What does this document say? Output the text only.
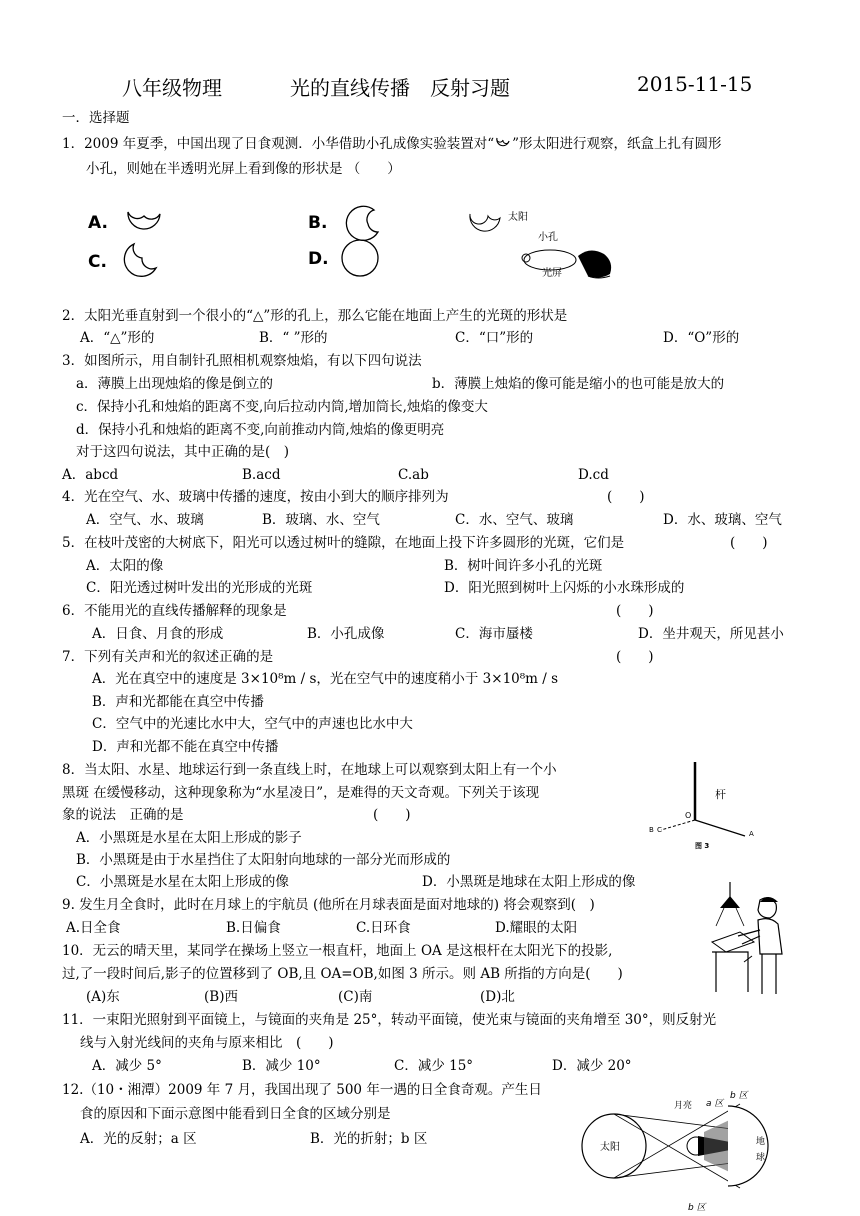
八年级物理	光的直线传播　反射习题	2015-11-15
一．选择题
1．2009 年夏季，中国出现了日食观测．小华借助小孔成像实验装置对“ ”形太阳进行观察，纸盒上扎有圆形
小孔，则她在半透明光屏上看到像的形状是 （　　）
A.	B.
C.	D.
太阳
小孔
光屏
2．太阳光垂直射到一个很小的“△”形的孔上，那么它能在地面上产生的光斑的形状是
A．“△”形的	B．“ ”形的	C．“口”形的	D．“O”形的
3．如图所示，用自制针孔照相机观察烛焰，有以下四句说法
a．薄膜上出现烛焰的像是倒立的	b．薄膜上烛焰的像可能是缩小的也可能是放大的
c．保持小孔和烛焰的距离不变,向后拉动内筒,增加筒长,烛焰的像变大
d．保持小孔和烛焰的距离不变,向前推动内筒,烛焰的像更明亮
对于这四句说法，其中正确的是(　)
A．abcd	B.acd	C.ab	D.cd
4．光在空气、水、玻璃中传播的速度，按由小到大的顺序排列为	(　　)
A．空气、水、玻璃	B．玻璃、水、空气	C．水、空气、玻璃	D．水、玻璃、空气
5．在枝叶茂密的大树底下，阳光可以透过树叶的缝隙，在地面上投下许多圆形的光斑，它们是	(　　)
A．太阳的像	B．树叶间许多小孔的光斑
C．阳光透过树叶发出的光形成的光斑	D．阳光照到树叶上闪烁的小水珠形成的
6．不能用光的直线传播解释的现象是	(　　)
A．日食、月食的形成	B．小孔成像	C．海市蜃楼	D．坐井观天，所见甚小
7．下列有关声和光的叙述正确的是	(　　)
A．光在真空中的速度是 3×10⁸m / s，光在空气中的速度稍小于 3×10⁸m / s
B．声和光都能在真空中传播
C．空气中的光速比水中大，空气中的声速也比水中大
D．声和光都不能在真空中传播
8．当太阳、水星、地球运行到一条直线上时，在地球上可以观察到太阳上有一个小
黑斑 在缓慢移动，这种现象称为“水星凌日”，是难得的天文奇观。下列关于该现
象的说法　正确的是	(　　)
A．小黑斑是水星在太阳上形成的影子
B．小黑斑是由于水星挡住了太阳射向地球的一部分光而形成的
C．小黑斑是水星在太阳上形成的像	D．小黑斑是地球在太阳上形成的像
杆
O
A
B C
图 3
9. 发生月全食时，此时在月球上的宇航员 (他所在月球表面是面对地球的) 将会观察到(　)
A.日全食	B.日偏食	C.日环食	D.耀眼的太阳
10．无云的晴天里，某同学在操场上竖立一根直杆，地面上 OA 是这根杆在太阳光下的投影,
过,了一段时间后,影子的位置移到了 OB,且 OA=OB,如图 3 所示。则 AB 所指的方向是(　　)
(A)东	(B)西	(C)南	(D)北
11．一束阳光照射到平面镜上，与镜面的夹角是 25°，转动平面镜，使光束与镜面的夹角增至 30°，则反射光
线与入射光线间的夹角与原来相比　(　　)
A．减少 5°	B．减少 10°	C．减少 15°	D．减少 20°
12.（10・湘潭）2009 年 7 月，我国出现了 500 年一遇的日全食奇观。产生日
食的原因和下面示意图中能看到日全食的区域分别是
A．光的反射；a 区	B．光的折射；b 区
太阳
月亮 a 区
b 区
b 区
地
球
